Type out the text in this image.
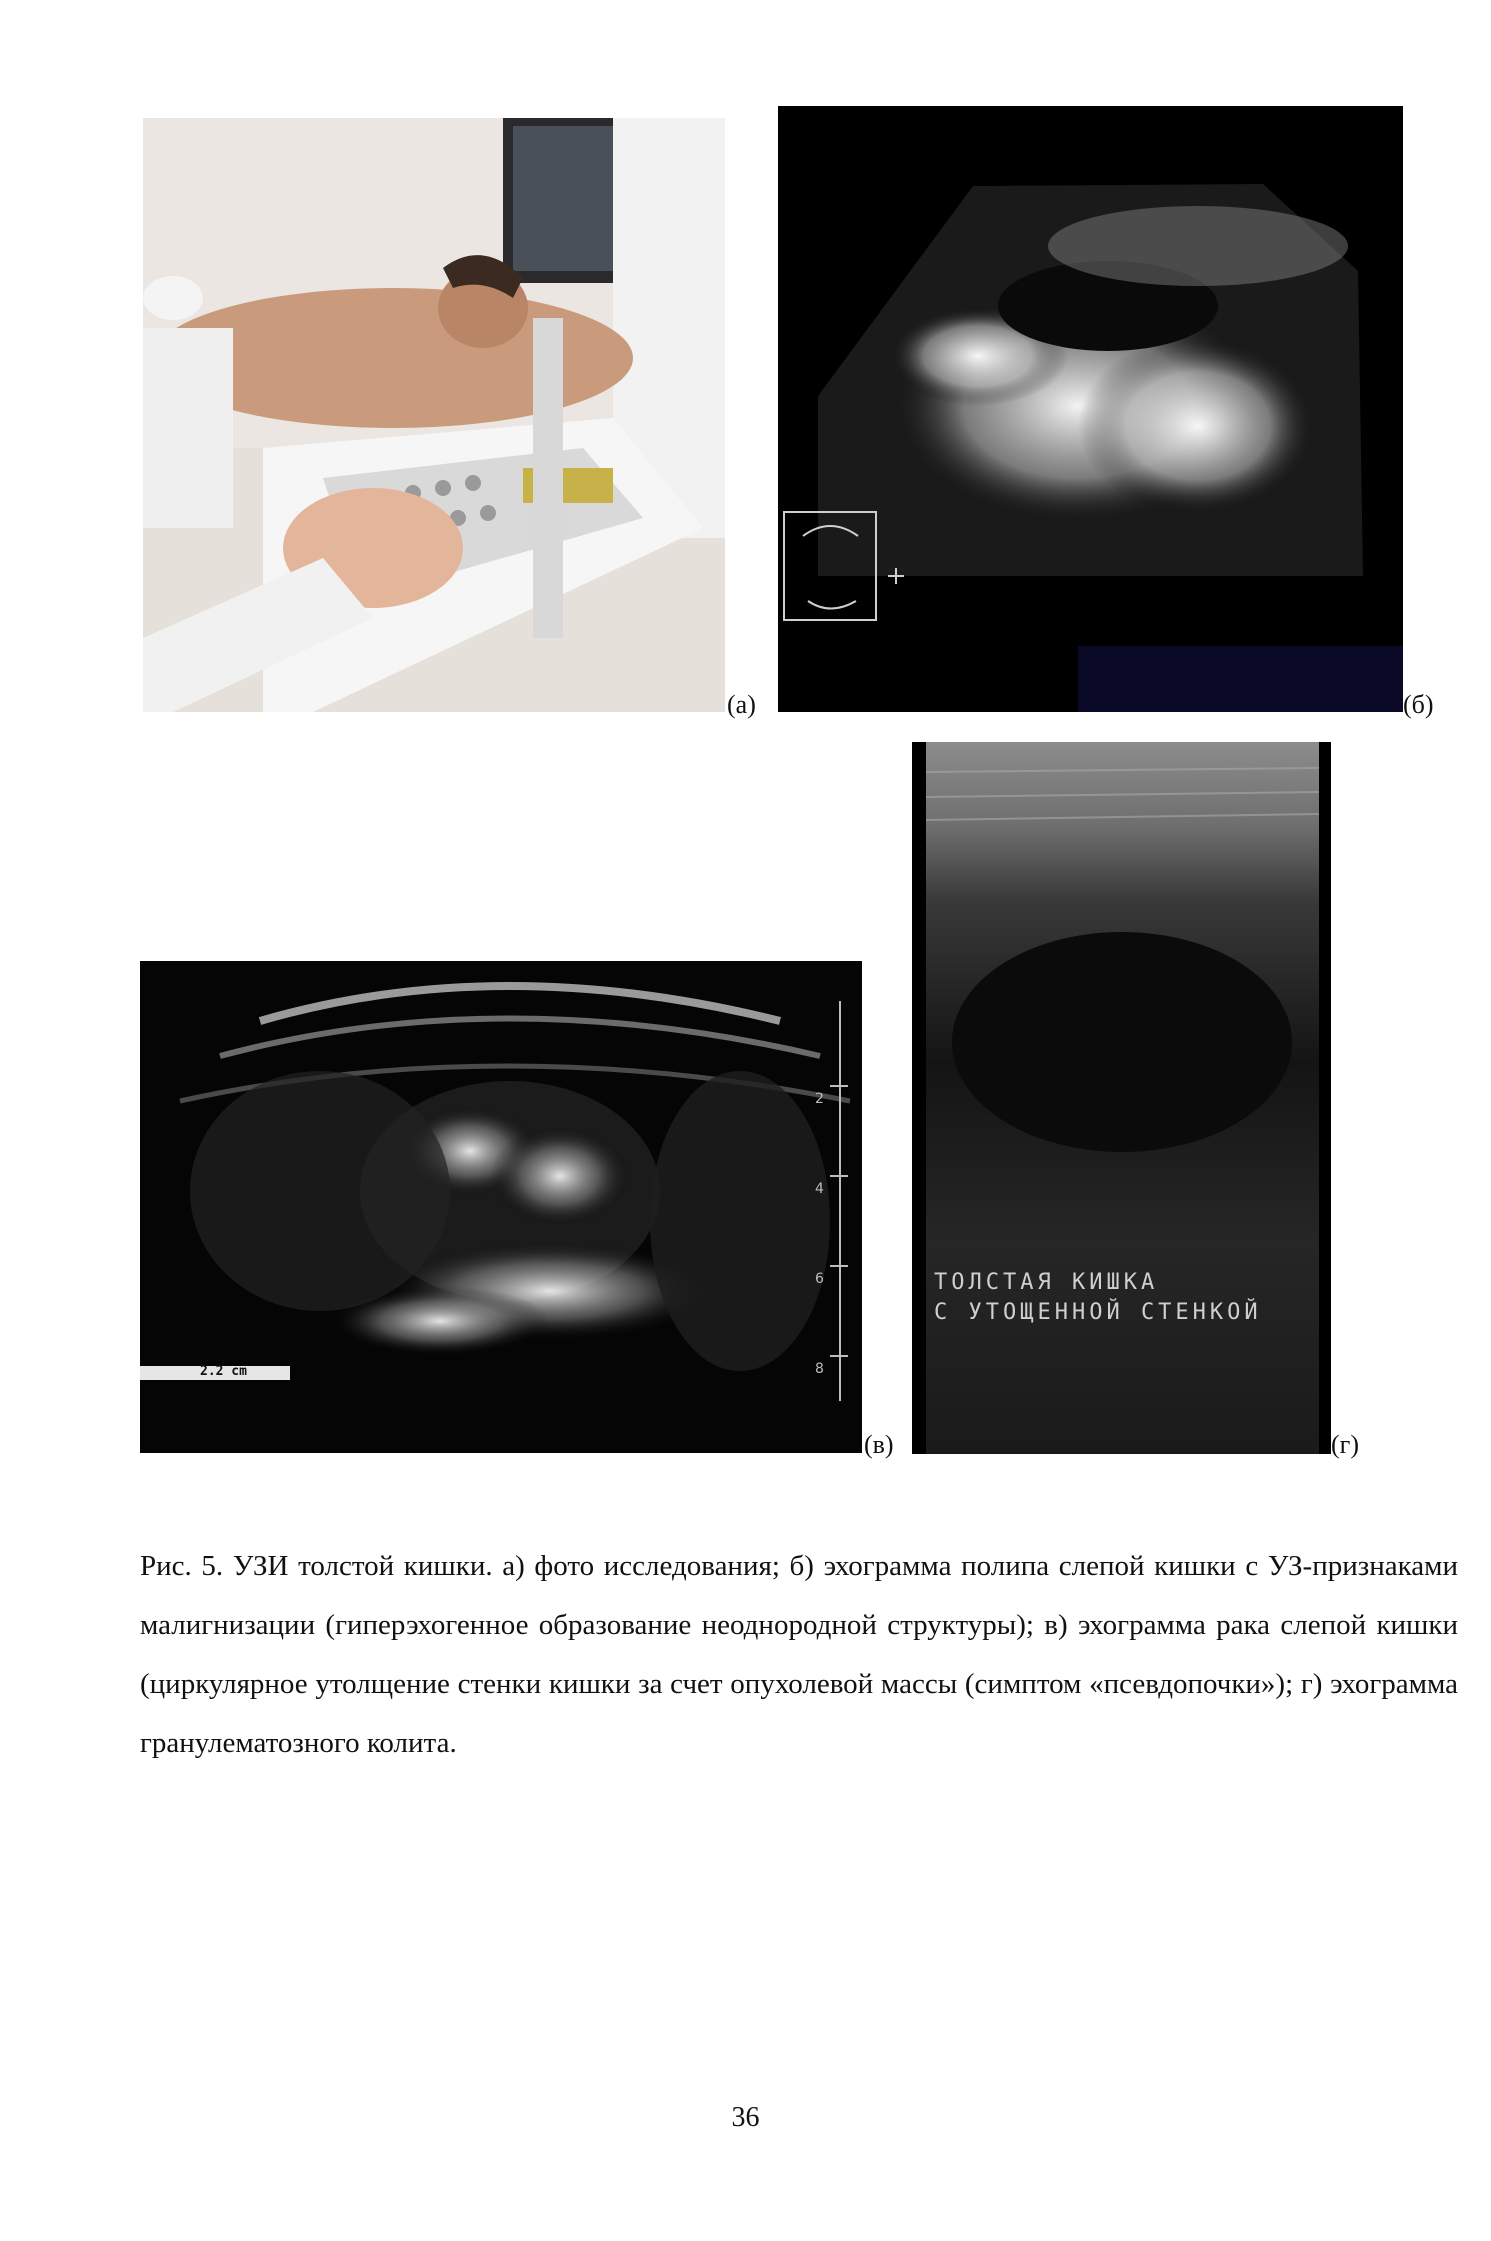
(а)	(б)
2
4
6
8
2.2 cm
(в)
ТОЛСТАЯ КИШКА
С УТОЩЕННОЙ СТЕНКОЙ
(г)
Рис. 5. УЗИ толстой кишки. а) фото исследования; б) эхограмма полипа слепой кишки с УЗ-признаками малигнизации (гиперэхогенное образование неоднородной структуры); в) эхограмма рака слепой кишки (циркулярное утолщение стенки кишки за счет опухолевой массы (симптом «псевдопочки»); г) эхограмма гранулематозного колита.
36
